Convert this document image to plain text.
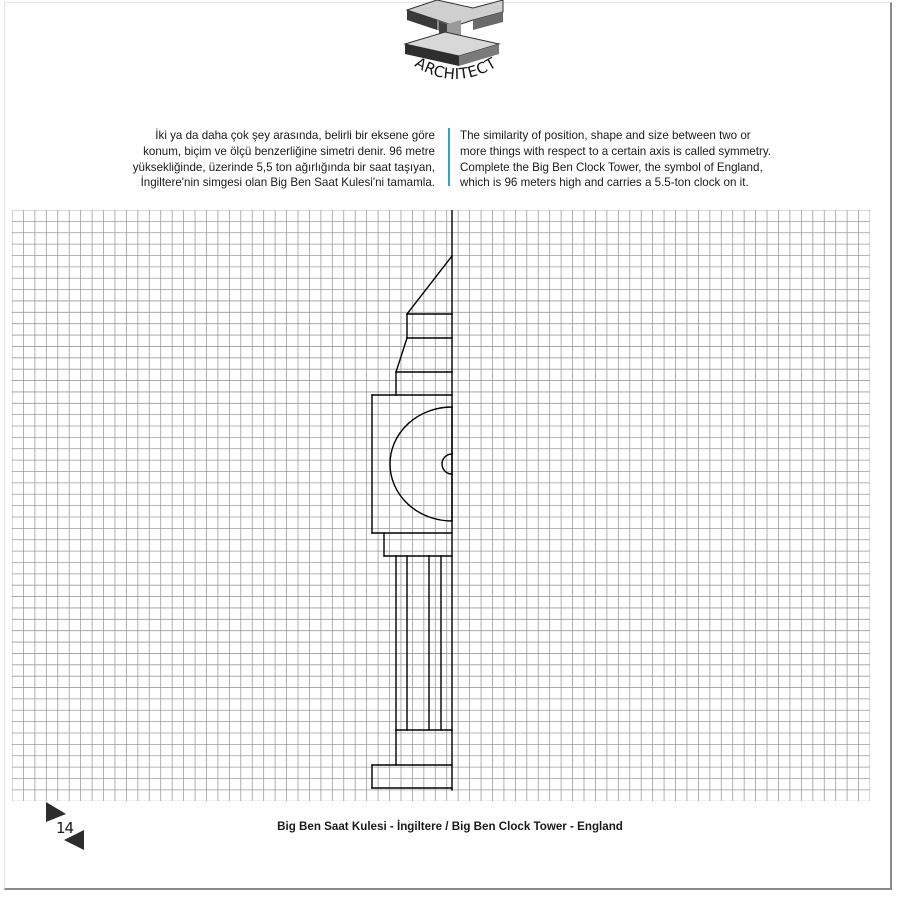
ARCHITECT
İki ya da daha çok şey arasında, belirli bir eksene göre
konum, biçim ve ölçü benzerliğine simetri denir. 96 metre
yüksekliğinde, üzerinde 5,5 ton ağırlığında bir saat taşıyan,
İngiltere'nin simgesi olan Big Ben Saat Kulesi'ni tamamla.
The similarity of position, shape and size between two or
more things with respect to a certain axis is called symmetry.
Complete the Big Ben Clock Tower, the symbol of England,
which is 96 meters high and carries a 5.5-ton clock on it.
14	Big Ben Saat Kulesi - İngiltere / Big Ben Clock Tower - England
